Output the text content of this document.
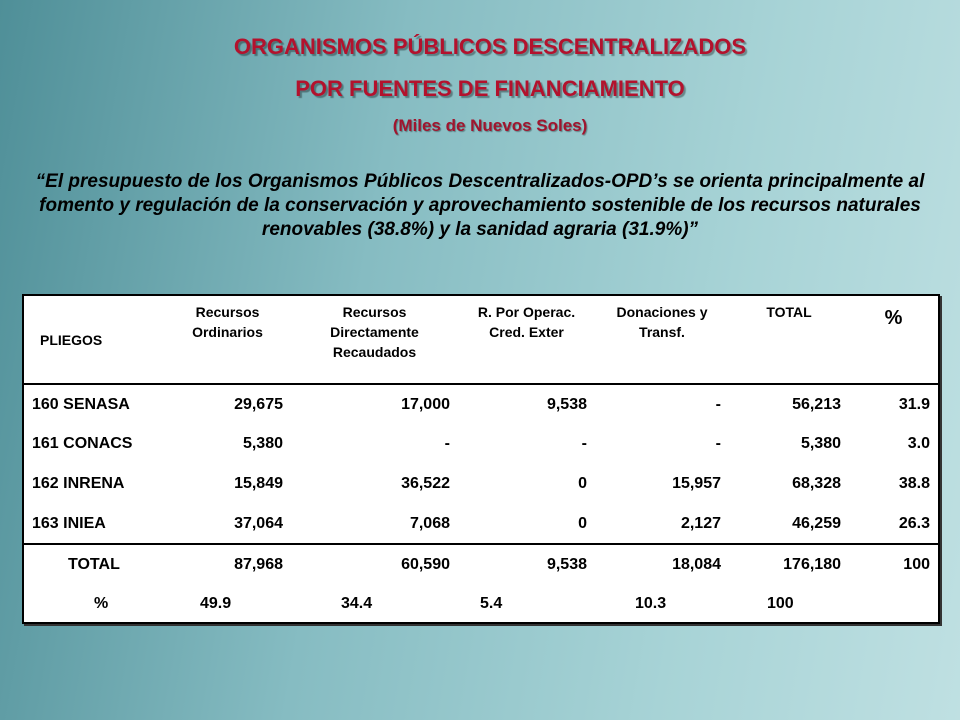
ORGANISMOS PÚBLICOS DESCENTRALIZADOS
POR FUENTES DE FINANCIAMIENTO
(Miles de Nuevos Soles)
“El presupuesto de los Organismos Públicos Descentralizados-OPD’s se orienta principalmente al fomento y regulación de la conservación y aprovechamiento sostenible de los recursos naturales renovables (38.8%) y la sanidad agraria (31.9%)”
PLIEGOS	Recursos Ordinarios	Recursos Directamente Recaudados	R. Por Operac. Cred. Exter	Donaciones y Transf.	TOTAL	%
160 SENASA	29,675	17,000	9,538	-	56,213	31.9
161 CONACS	5,380	-	-	-	5,380	3.0
162 INRENA	15,849	36,522	0	15,957	68,328	38.8
163 INIEA	37,064	7,068	0	2,127	46,259	26.3
TOTAL	87,968	60,590	9,538	18,084	176,180	100
%	49.9	34.4	5.4	10.3	100	
